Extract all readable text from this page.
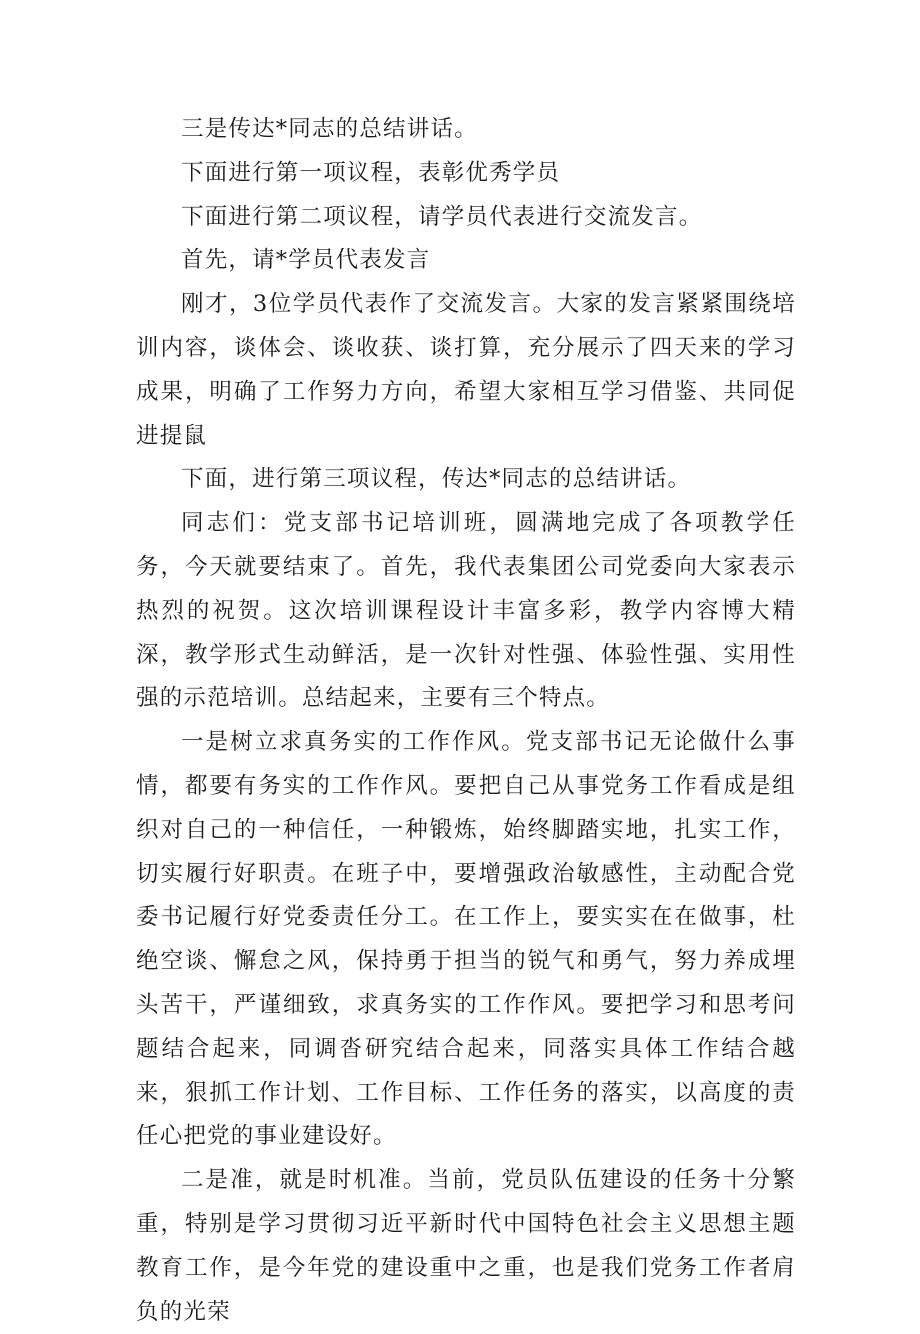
三是传达*同志的总结讲话。

下面进行第一项议程，表彰优秀学员

下面进行第二项议程，请学员代表进行交流发言。

首先，请*学员代表发言

刚才，3位学员代表作了交流发言。大家的发言紧紧围绕培训内容，谈体会、谈收获、谈打算，充分展示了四天来的学习成果，明确了工作努力方向，希望大家相互学习借鉴、共同促进提鼠

下面，进行第三项议程，传达*同志的总结讲话。

同志们：党支部书记培训班，圆满地完成了各项教学任务，今天就要结束了。首先，我代表集团公司党委向大家表示热烈的祝贺。这次培训课程设计丰富多彩，教学内容博大精深，教学形式生动鲜活，是一次针对性强、体验性强、实用性强的示范培训。总结起来，主要有三个特点。

一是树立求真务实的工作作风。党支部书记无论做什么事情，都要有务实的工作作风。要把自己从事党务工作看成是组织对自己的一种信任，一种锻炼，始终脚踏实地，扎实工作，切实履行好职责。在班子中，要增强政治敏感性，主动配合党委书记履行好党委责任分工。在工作上，要实实在在做事，杜绝空谈、懈怠之风，保持勇于担当的锐气和勇气，努力养成埋头苦干，严谨细致，求真务实的工作作风。要把学习和思考问题结合起来，同调沓研究结合起来，同落实具体工作结合越来，狠抓工作计划、工作目标、工作任务的落实，以高度的责任心把党的事业建设好。

二是准，就是时机准。当前，党员队伍建设的任务十分繁重，特别是学习贯彻习近平新时代中国特色社会主义思想主题教育工作，是今年党的建设重中之重，也是我们党务工作者肩负的光荣
